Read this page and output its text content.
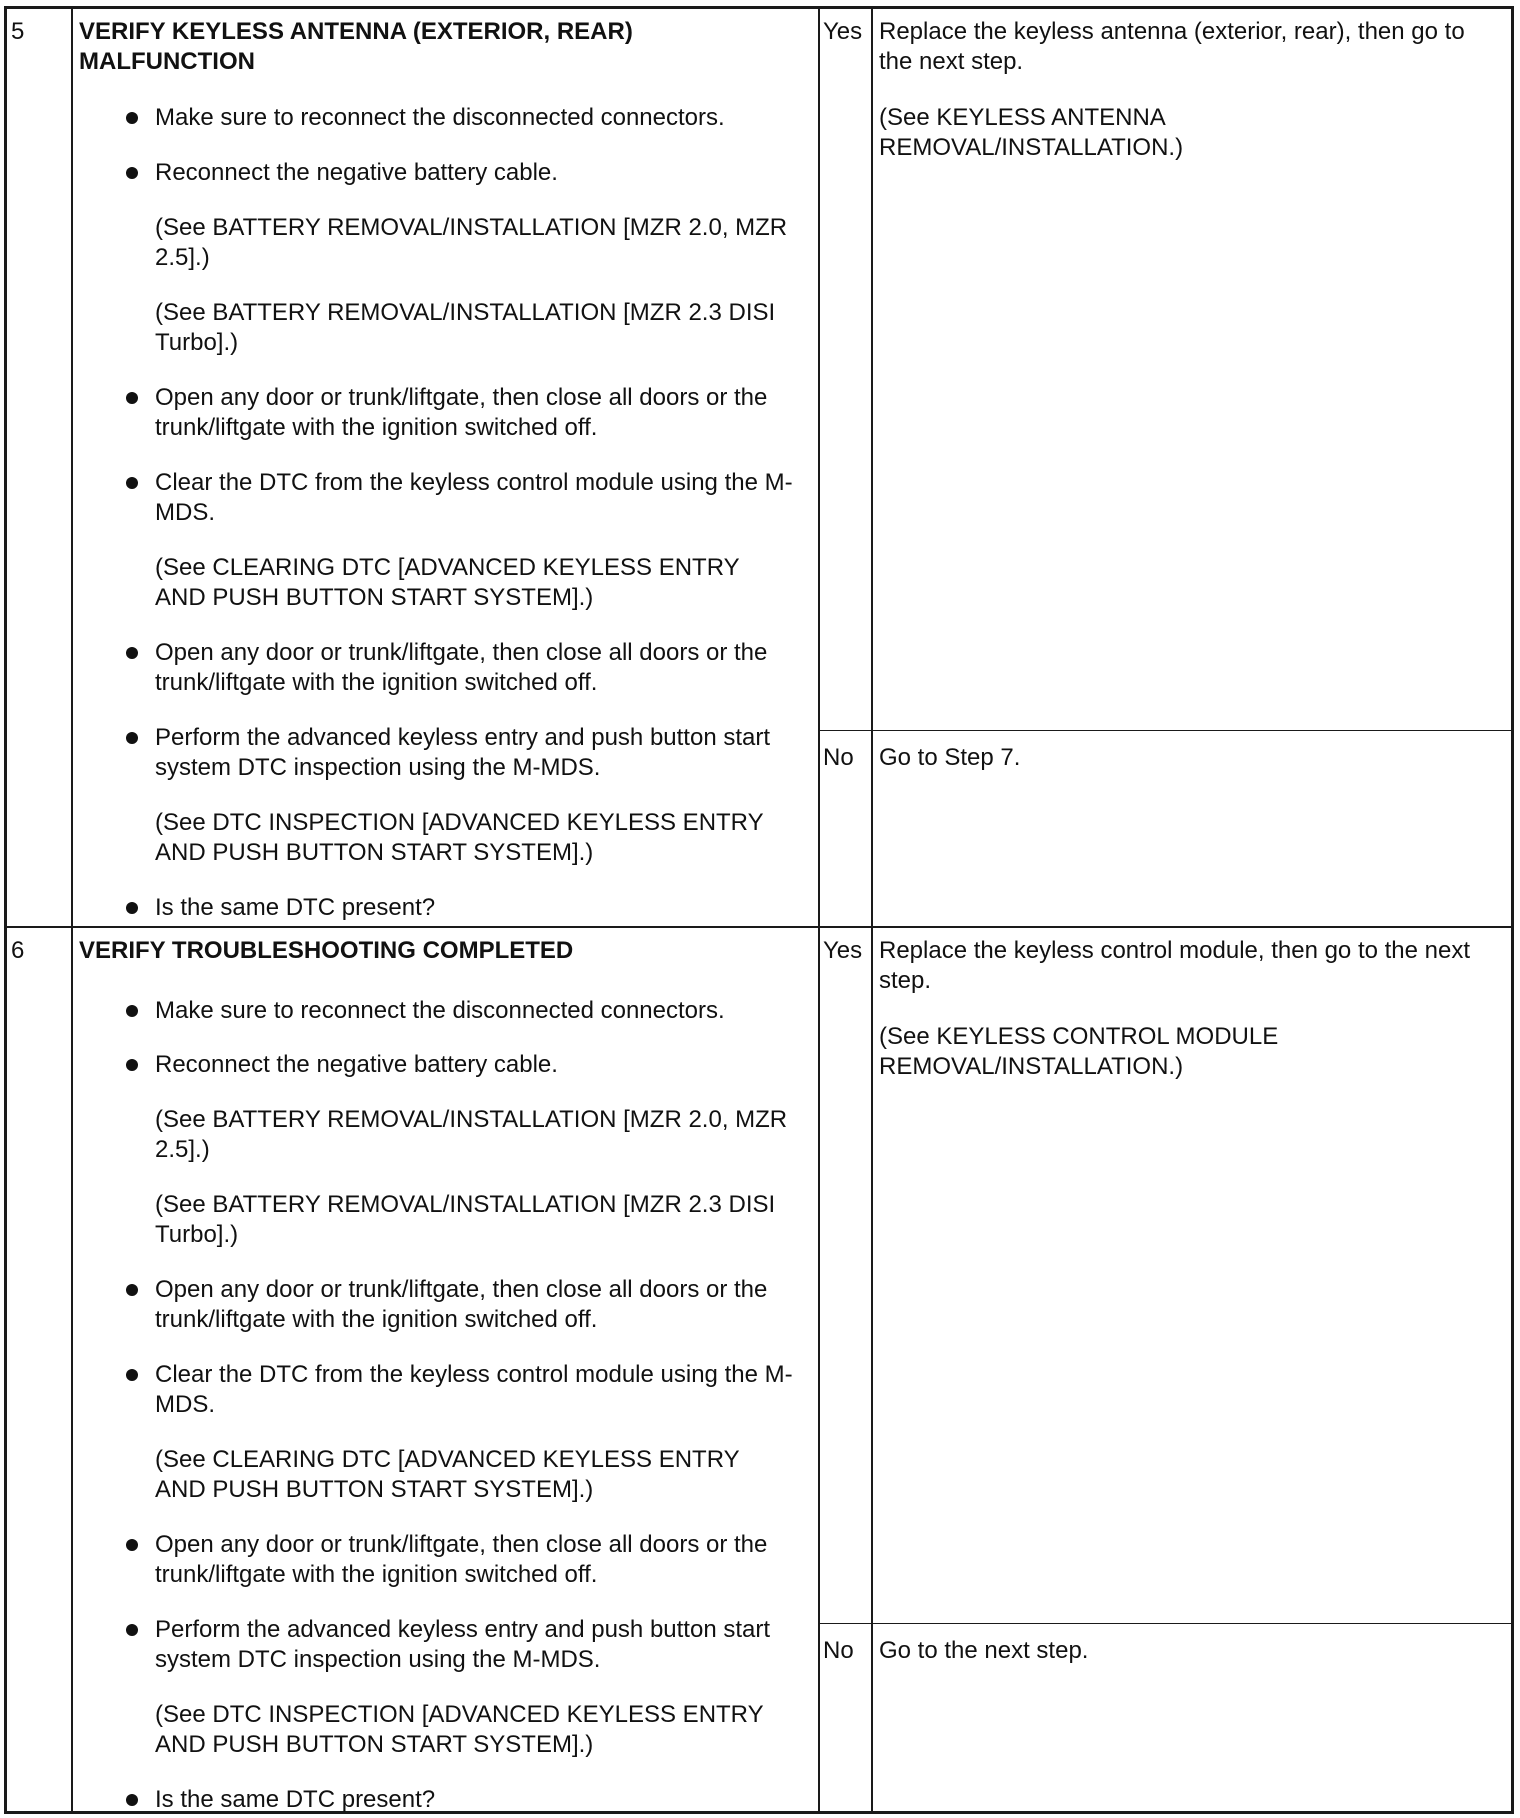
5 VERIFY KEYLESS ANTENNA (EXTERIOR, REAR) MALFUNCTION
Make sure to reconnect the disconnected connectors.
Reconnect the negative battery cable.
(See BATTERY REMOVAL/INSTALLATION [MZR 2.0, MZR 2.5].)
(See BATTERY REMOVAL/INSTALLATION [MZR 2.3 DISI Turbo].)
Open any door or trunk/liftgate, then close all doors or the trunk/liftgate with the ignition switched off.
Clear the DTC from the keyless control module using the M-MDS.
(See CLEARING DTC [ADVANCED KEYLESS ENTRY AND PUSH BUTTON START SYSTEM].)
Open any door or trunk/liftgate, then close all doors or the trunk/liftgate with the ignition switched off.
Perform the advanced keyless entry and push button start system DTC inspection using the M-MDS.
(See DTC INSPECTION [ADVANCED KEYLESS ENTRY AND PUSH BUTTON START SYSTEM].)
Is the same DTC present?
Yes Replace the keyless antenna (exterior, rear), then go to the next step.
(See KEYLESS ANTENNA REMOVAL/INSTALLATION.)
No Go to Step 7.
6 VERIFY TROUBLESHOOTING COMPLETED
Make sure to reconnect the disconnected connectors.
Reconnect the negative battery cable.
(See BATTERY REMOVAL/INSTALLATION [MZR 2.0, MZR 2.5].)
(See BATTERY REMOVAL/INSTALLATION [MZR 2.3 DISI Turbo].)
Open any door or trunk/liftgate, then close all doors or the trunk/liftgate with the ignition switched off.
Clear the DTC from the keyless control module using the M-MDS.
(See CLEARING DTC [ADVANCED KEYLESS ENTRY AND PUSH BUTTON START SYSTEM].)
Open any door or trunk/liftgate, then close all doors or the trunk/liftgate with the ignition switched off.
Perform the advanced keyless entry and push button start system DTC inspection using the M-MDS.
(See DTC INSPECTION [ADVANCED KEYLESS ENTRY AND PUSH BUTTON START SYSTEM].)
Is the same DTC present?
Yes Replace the keyless control module, then go to the next step.
(See KEYLESS CONTROL MODULE REMOVAL/INSTALLATION.)
No Go to the next step.
